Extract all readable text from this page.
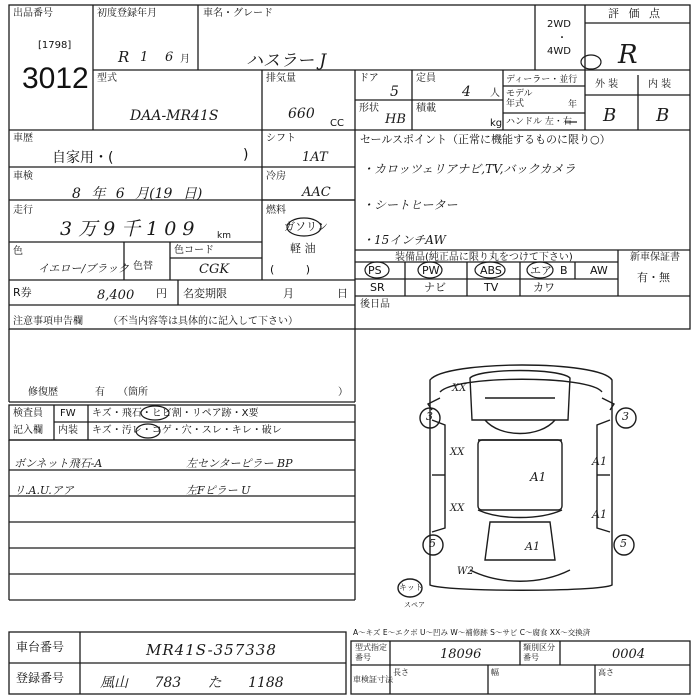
出品番号
[1798]
3012
初度登録年月
R 1 6 月
車名・グレード
ハスラー J
2WD
・
4WD
評 価 点
R
外 装	内 装
B B
型式
DAA-MR41S
排気量
660
CC
ドア
5
定員
4 人
形状
HB
積載
kg
ディーラー・並行
モデル
年式	年
ハンドル 左・右
車歴
自家用・(	)
シフト
1AT
車検
8 年 6 月(19 日)
冷房
AAC
走行
3万9千109 km
燃料
ガソリン
軽 油
(         )
色
イエロー/ブラック 色替
色コード
CGK
R券	8,400 円 名変期限	月	日
セールスポイント（正常に機能するものに限り○）
・カロッツェリアナビ,TV,バックカメラ
・シートヒーター
・15インチAW
装備品(純正品に限り丸をつけて下さい)	新車保証書
有・無
PS	PW	ABS	エア B AW
SR	ナビ	TV	カワ
後日品
注意事項申告欄	（不当内容等は具体的に記入して下さい）
修復歴	有 （箇所	）
検査員
記入欄
FW キズ・飛石・ヒビ割・リペア跡・X要
内装 キズ・汚レ・コゲ・穴・スレ・キレ・破レ
ボンネット飛石-A	左センターピラー BP
リ.A.U.アア	左Fピラー U
XX
XX
XX
A1
A1
A1
A1
W2
3	3
5	5
キット
スペア
A～キズ E～エクボ U～凹み W～補修跡 S～サビ C～腐食 XX～交換済
車台番号	MR41S-357338
登録番号	風山 783 た 1188
型式指定
番号	18096	類別区分
番号	0004
車検証寸法
長さ	幅	高さ
